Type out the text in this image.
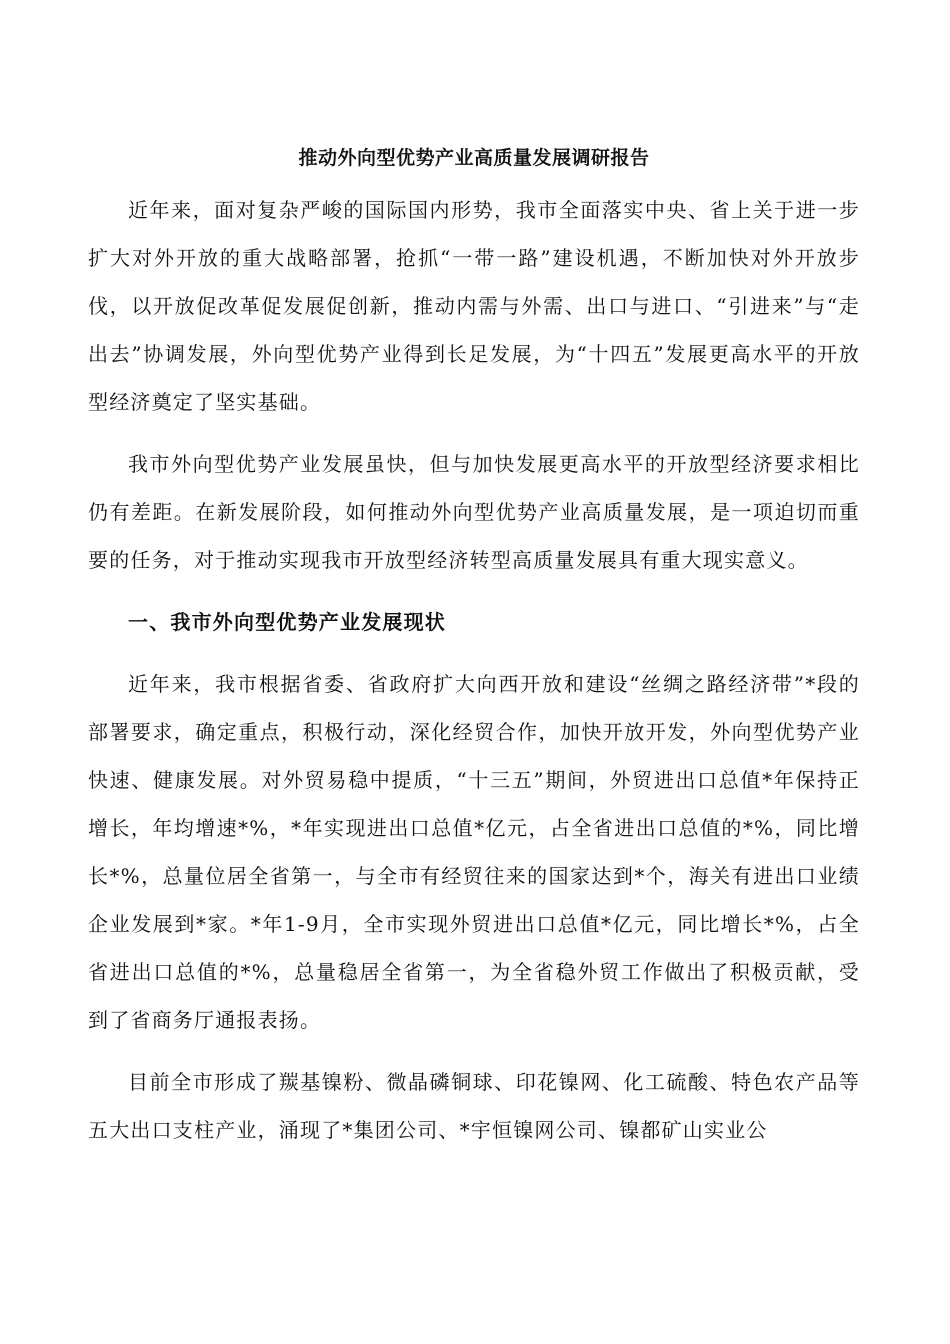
推动外向型优势产业高质量发展调研报告

近年来，面对复杂严峻的国际国内形势，我市全面落实中央、省上关于进一步扩大对外开放的重大战略部署，抢抓“一带一路”建设机遇，不断加快对外开放步伐，以开放促改革促发展促创新，推动内需与外需、出口与进口、“引进来”与“走出去”协调发展，外向型优势产业得到长足发展，为“十四五”发展更高水平的开放型经济奠定了坚实基础。

我市外向型优势产业发展虽快，但与加快发展更高水平的开放型经济要求相比仍有差距。在新发展阶段，如何推动外向型优势产业高质量发展，是一项迫切而重要的任务，对于推动实现我市开放型经济转型高质量发展具有重大现实意义。

一、我市外向型优势产业发展现状

近年来，我市根据省委、省政府扩大向西开放和建设“丝绸之路经济带”*段的部署要求，确定重点，积极行动，深化经贸合作，加快开放开发，外向型优势产业快速、健康发展。对外贸易稳中提质，“十三五”期间，外贸进出口总值*年保持正增长，年均增速*%，*年实现进出口总值*亿元，占全省进出口总值的*%，同比增长*%，总量位居全省第一，与全市有经贸往来的国家达到*个，海关有进出口业绩企业发展到*家。*年1-9月，全市实现外贸进出口总值*亿元，同比增长*%，占全省进出口总值的*%，总量稳居全省第一，为全省稳外贸工作做出了积极贡献，受到了省商务厅通报表扬。

目前全市形成了羰基镍粉、微晶磷铜球、印花镍网、化工硫酸、特色农产品等五大出口支柱产业，涌现了*集团公司、*宇恒镍网公司、镍都矿山实业公
